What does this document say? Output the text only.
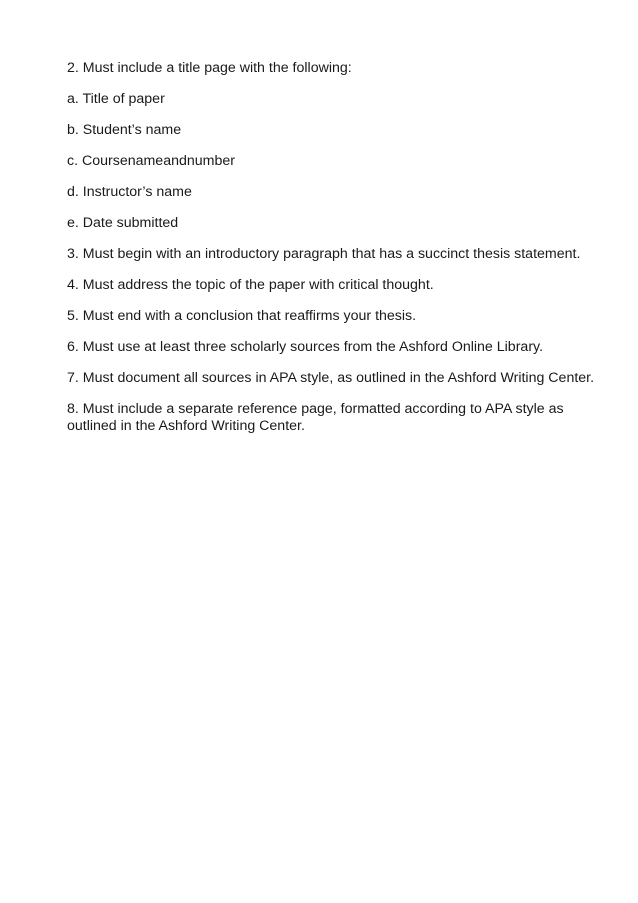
2. Must include a title page with the following:

a. Title of paper

b. Student’s name

c. Coursenameandnumber

d. Instructor’s name

e. Date submitted

3. Must begin with an introductory paragraph that has a succinct thesis statement.

4. Must address the topic of the paper with critical thought.

5. Must end with a conclusion that reaffirms your thesis.

6. Must use at least three scholarly sources from the Ashford Online Library.

7. Must document all sources in APA style, as outlined in the Ashford Writing Center.

8. Must include a separate reference page, formatted according to APA style as outlined in the Ashford Writing Center.
